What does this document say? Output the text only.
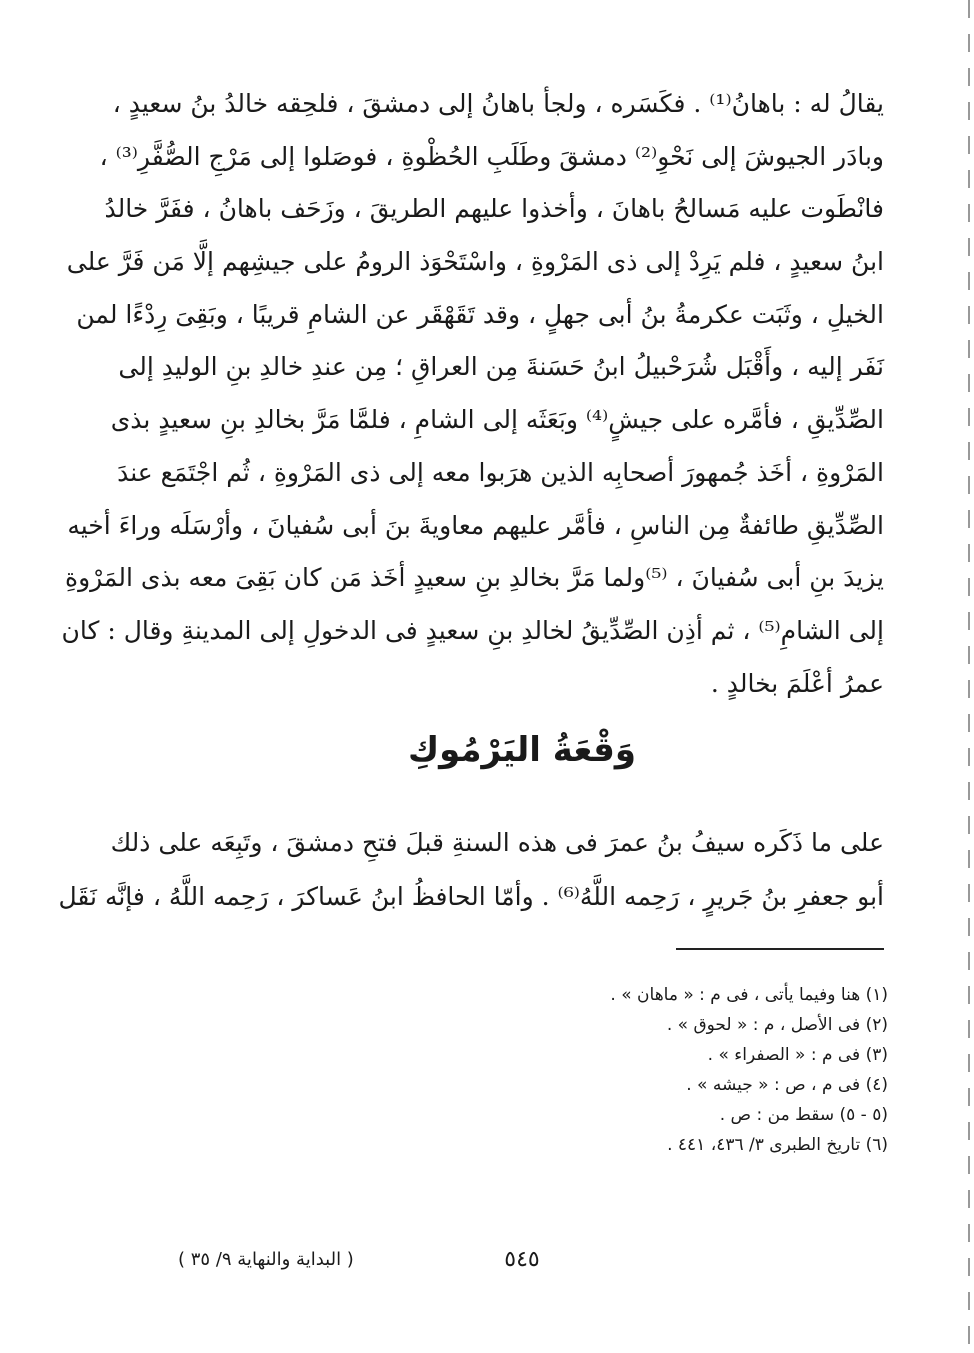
يقالُ له : باهانُ⁽¹⁾ . فكَسَره ، ولجأ باهانُ إلى دمشقَ ، فلحِقه خالدُ بنُ سعيدٍ ،
وبادَر الجيوشَ إلى نَحْوِ⁽²⁾ دمشقَ وطَلَبِ الحُظْوةِ ، فوصَلوا إلى مَرْجِ الصُّفَّرِ⁽³⁾ ،
فانْطَوت عليه مَسالحُ باهانَ ، وأخذوا عليهم الطريقَ ، وزَحَف باهانُ ، ففَرَّ خالدُ
ابنُ سعيدٍ ، فلم يَرِدْ إلى ذى المَرْوةِ ، واسْتَحْوَذ الرومُ على جيشِهم إلَّا مَن فَرَّ على
الخيلِ ، وثَبَت عكرمةُ بنُ أبى جهلٍ ، وقد تَقَهْقَر عن الشامِ قريبًا ، وبَقِىَ رِدْءًا لمن
نَفَر إليه ، وأَقْبَل شُرَحْبيلُ ابنُ حَسَنةَ مِن العراقِ ؛ مِن عندِ خالدِ بنِ الوليدِ إلى
الصِّدِّيقِ ، فأمَّره على جيشٍ⁽⁴⁾ وبَعَثَه إلى الشامِ ، فلمَّا مَرَّ بخالدِ بنِ سعيدٍ بذى
المَرْوةِ ، أخَذ جُمهورَ أصحابِه الذين هرَبوا معه إلى ذى المَرْوةِ ، ثُم اجْتَمَع عندَ
الصِّدِّيقِ طائفةٌ مِن الناسِ ، فأمَّر عليهم معاويةَ بنَ أبى سُفيانَ ، وأرْسَلَه وراءَ أخيه
يزيدَ بنِ أبى سُفيانَ ، ⁽⁵⁾ولما مَرَّ بخالدِ بنِ سعيدٍ أخَذ مَن كان بَقِىَ معه بذى المَرْوةِ
إلى الشامِ⁽⁵⁾ ، ثم أذِن الصِّدِّيقُ لخالدِ بنِ سعيدٍ فى الدخولِ إلى المدينةِ وقال : كان
عمرُ أعْلَمَ بخالدٍ .
وَقْعَةُ اليَرْمُوكِ
على ما ذَكَره سيفُ بنُ عمرَ فى هذه السنةِ قبلَ فتحِ دمشقَ ، وتَبِعَه على ذلك
أبو جعفرِ بنُ جَريرٍ ، رَحِمه اللَّهُ⁽⁶⁾ . وأمّا الحافظُ ابنُ عَساكرَ ، رَحِمه اللَّهُ ، فإنَّه نَقَل
(١) هنا وفيما يأتى ، فى م : « ماهان » .
(٢) فى الأصل ، م : « لحوق » .
(٣) فى م : « الصفراء » .
(٤) فى م ، ص : « جيشه » .
(٥ - ٥) سقط من : ص .
(٦) تاريخ الطبرى ٣/ ٤٣٦، ٤٤١ .
٥٤٥
( البداية والنهاية ٩/ ٣٥ )
